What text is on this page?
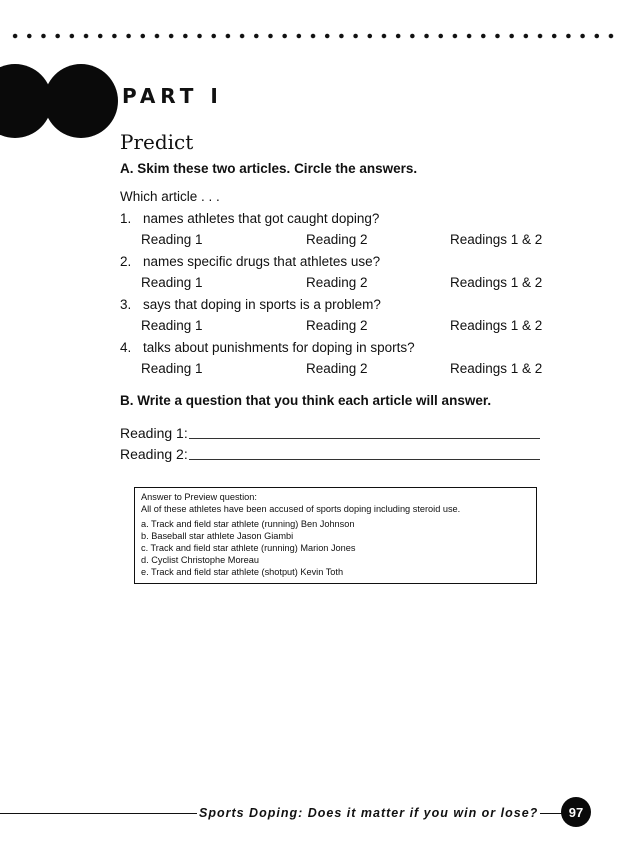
PART I
Predict
A. Skim these two articles. Circle the answers.
Which article . . .
1. names athletes that got caught doping?
Reading 1	Reading 2	Readings 1 & 2
2. names specific drugs that athletes use?
Reading 1	Reading 2	Readings 1 & 2
3. says that doping in sports is a problem?
Reading 1	Reading 2	Readings 1 & 2
4. talks about punishments for doping in sports?
Reading 1	Reading 2	Readings 1 & 2
B. Write a question that you think each article will answer.
Reading 1:
Reading 2:
Answer to Preview question:
All of these athletes have been accused of sports doping including steroid use.
a. Track and field star athlete (running) Ben Johnson
b. Baseball star athlete Jason Giambi
c. Track and field star athlete (running) Marion Jones
d. Cyclist Christophe Moreau
e. Track and field star athlete (shotput) Kevin Toth
Sports Doping: Does it matter if you win or lose?	97
